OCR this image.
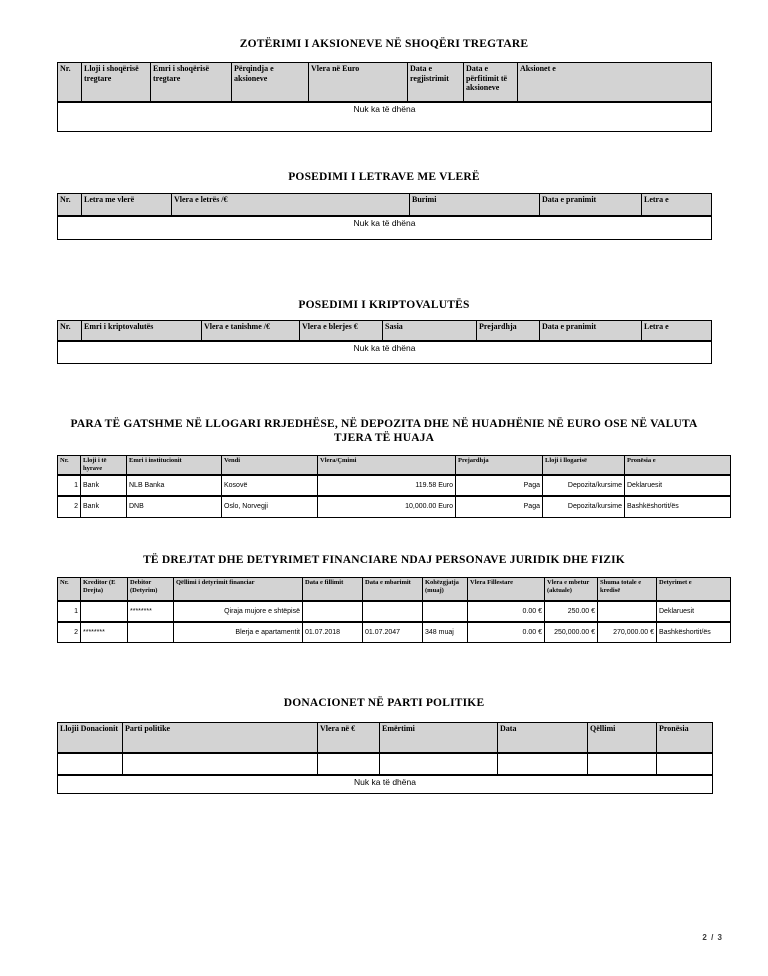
ZOTËRIMI I AKSIONEVE NË SHOQËRI TREGTARE
Nr.	Lloji i shoqërisë tregtare	Emri i shoqërisë tregtare	Përqindja e aksioneve	Vlera në Euro	Data e regjistrimit	Data e përfitimit të aksioneve	Aksionet e
Nuk ka të dhëna
POSEDIMI I LETRAVE ME VLERË
Nr.	Letra me vlerë	Vlera e letrës /€	Burimi	Data e pranimit	Letra e
Nuk ka të dhëna
POSEDIMI I KRIPTOVALUTËS
Nr.	Emri i kriptovalutës	Vlera e tanishme /€	Vlera e blerjes €	Sasia	Prejardhja	Data e pranimit	Letra e
Nuk ka të dhëna
PARA TË GATSHME NË LLOGARI RRJEDHËSE, NË DEPOZITA DHE NË HUADHËNIE NË EURO OSE NË VALUTA TJERA TË HUAJA
Nr.	Lloji i të hyrave	Emri i institucionit	Vendi	Vlera/Çmimi	Prejardhja	Lloji i llogarisë	Pronësia e
1	Bank	NLB Banka	Kosovë	119.58 Euro	Paga	Depozita/kursime	Deklaruesit
2	Bank	DNB	Oslo, Norvegji	10,000.00 Euro	Paga	Depozita/kursime	Bashkëshortit/ës
TË DREJTAT DHE DETYRIMET FINANCIARE NDAJ PERSONAVE JURIDIK DHE FIZIK
Nr.	Kreditor (E Drejta)	Debitor (Detyrim)	Qëllimi i detyrimit financiar	Data e fillimit	Data e mbarimit	Kohëzgjatja (muaj)	Vlera Fillestare	Vlera e mbetur (aktuale)	Shuma totale e kredisë	Detyrimet e
1		********	Qiraja mujore e shtëpisë				0.00 €	250.00 €		Deklaruesit
2	********		Blerja e apartamentit	01.07.2018	01.07.2047	348 muaj	0.00 €	250,000.00 €	270,000.00 €	Bashkëshortit/ës
DONACIONET NË PARTI POLITIKE
Llojii Donacionit	Parti politike	Vlera në €	Emërtimi	Data	Qëllimi	Pronësia

Nuk ka të dhëna						
2 / 3
